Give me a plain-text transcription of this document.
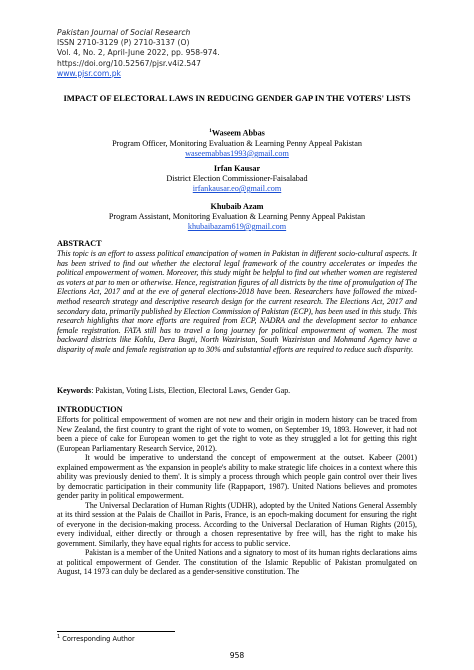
Pakistan Journal of Social Research
ISSN 2710-3129 (P) 2710-3137 (O)
Vol. 4, No. 2, April-June 2022, pp. 958-974.
https://doi.org/10.52567/pjsr.v4i2.547
www.pjsr.com.pk
IMPACT OF ELECTORAL LAWS IN REDUCING GENDER GAP IN THE VOTERS' LISTS
$^1$Waseem Abbas
Program Officer, Monitoring Evaluation & Learning Penny Appeal Pakistan
waseemabbas1993@gmail.com
Irfan Kausar
District Election Commissioner-Faisalabad
irfankausar.eo@gmail.com
Khubaib Azam
Program Assistant, Monitoring Evaluation & Learning Penny Appeal Pakistan
khubaibazam619@gmail.com
ABSTRACT
This topic is an effort to assess political emancipation of women in Pakistan in different socio-cultural aspects. It has been strived to find out whether the electoral legal framework of the country accelerates or impedes the political empowerment of women. Moreover, this study might be helpful to find out whether women are registered as voters at par to men or otherwise. Hence, registration figures of all districts by the time of promulgation of The Elections Act, 2017 and at the eve of general elections-2018 have been. Researchers have followed the mixed-method research strategy and descriptive research design for the current research. The Elections Act, 2017 and secondary data, primarily published by Election Commission of Pakistan (ECP), has been used in this study. This research highlights that more efforts are required from ECP, NADRA and the development sector to enhance female registration. FATA still has to travel a long journey for political empowerment of women. The most backward districts like Kohlu, Dera Bugti, North Waziristan, South Waziristan and Mohmand Agency have a disparity of male and female registration up to 30% and substantial efforts are required to reduce such disparity.
Keywords: Pakistan, Voting Lists, Election, Electoral Laws, Gender Gap.
INTRODUCTION

Efforts for political empowerment of women are not new and their origin in modern history can be traced from New Zealand, the first country to grant the right of vote to women, on September 19, 1893. However, it had not been a piece of cake for European women to get the right to vote as they struggled a lot for getting this right (European Parliamentary Research Service, 2012).

It would be imperative to understand the concept of empowerment at the outset. Kabeer (2001) explained empowerment as 'the expansion in people's ability to make strategic life choices in a context where this ability was previously denied to them'. It is simply a process through which people gain control over their lives by democratic participation in their community life (Rappaport, 1987). United Nations believes and promotes gender parity in political empowerment.

The Universal Declaration of Human Rights (UDHR), adopted by the United Nations General Assembly at its third session at the Palais de Chaillot in Paris, France, is an epoch-making document for ensuring the right of everyone in the decision-making process. According to the Universal Declaration of Human Rights (2015), every individual, either directly or through a chosen representative by free will, has the right to make his government. Similarly, they have equal rights for access to public service.

Pakistan is a member of the United Nations and a signatory to most of its human rights declarations aims at political empowerment of Gender. The constitution of the Islamic Republic of Pakistan promulgated on August, 14 1973 can duly be declared as a gender-sensitive constitution. The

$^1$ Corresponding Author
958
